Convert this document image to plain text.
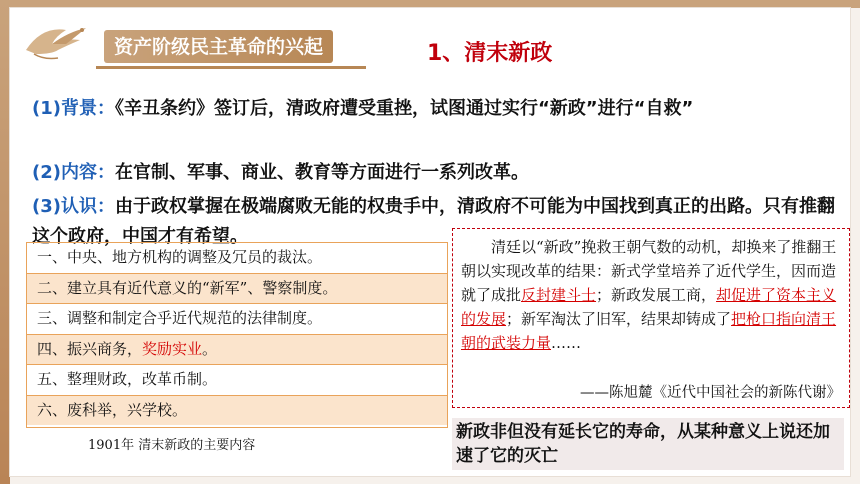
资产阶级民主革命的兴起	1、清末新政
(1)背景：《辛丑条约》签订后，清政府遭受重挫，试图通过实行“新政”进行“自救”
(2)内容：在官制、军事、商业、教育等方面进行一系列改革。
(3)认识：由于政权掌握在极端腐败无能的权贵手中，清政府不可能为中国找到真正的出路。只有推翻这个政府，中国才有希望。
一、中央、地方机构的调整及冗员的裁汰。
二、建立具有近代意义的“新军”、警察制度。
三、调整和制定合乎近代规范的法律制度。
四、振兴商务，奖励实业。
五、整理财政，改革币制。
六、废科举，兴学校。
1901年 清末新政的主要内容
清廷以“新政”挽救王朝气数的动机，却换来了推翻王朝以实现改革的结果：新式学堂培养了近代学生，因而造就了成批反封建斗士；新政发展工商，却促进了资本主义的发展；新军淘汰了旧军，结果却铸成了把枪口指向清王朝的武装力量……
——陈旭麓《近代中国社会的新陈代谢》
新政非但没有延长它的寿命，从某种意义上说还加速了它的灭亡
